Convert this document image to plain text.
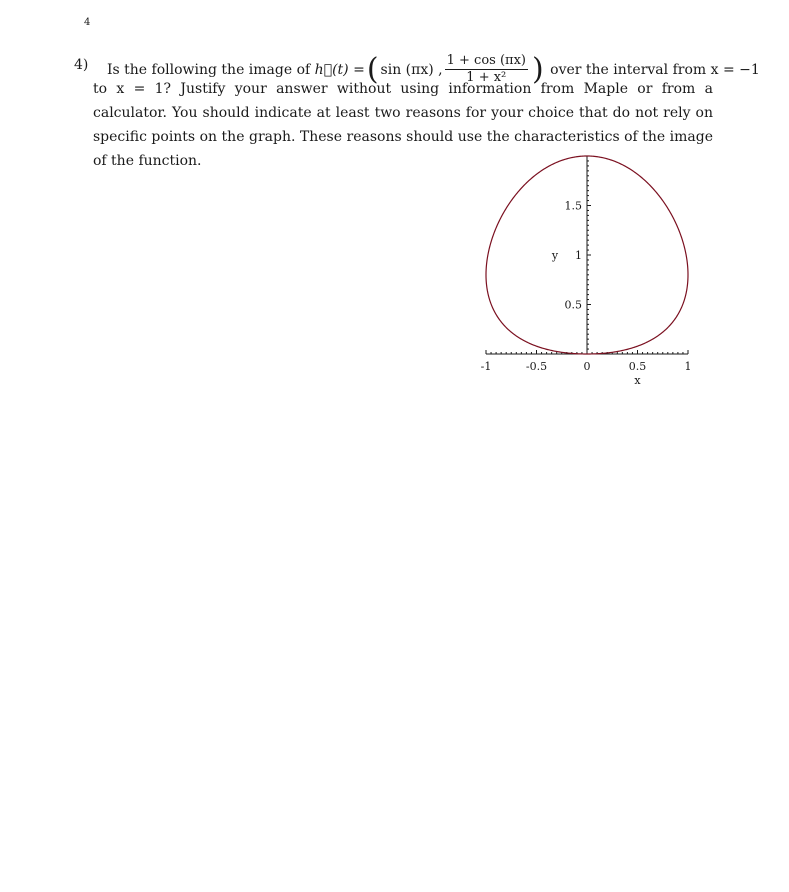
4
4) Is the following the image of
h⃗(t) = ( sin (πx) , $\frac{1 + \cos (\pi x)}{\text{1 + x²}}$ )
over the interval from x = −1
to x = 1? Justify your answer without using information from Maple or from a calculator. You should indicate at least two reasons for your choice that do not rely on specific points on the graph. These reasons should use the characteristics of the image of the function.
-1	-0.5	0	0.5	1
0.5
1
1.5
x
y
